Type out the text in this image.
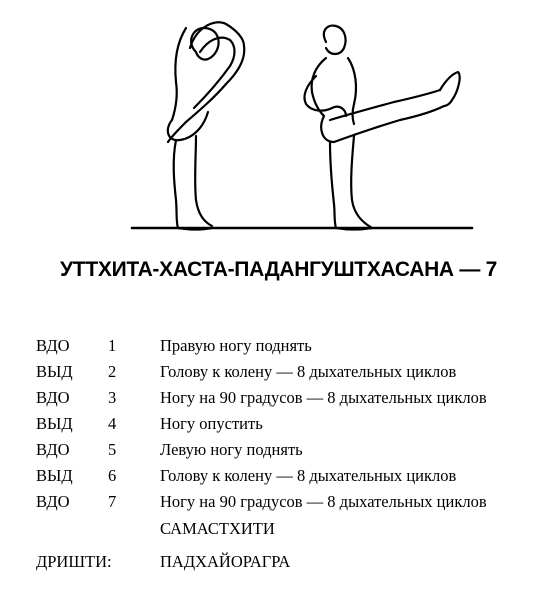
УТТХИТА-ХАСТА-ПАДАНГУШТХАСАНА — 7
ВДО 1	Правую ногу поднять
ВЫД 2	Голову к колену — 8 дыхательных циклов
ВДО 3	Ногу на 90 градусов — 8 дыхательных циклов
ВЫД 4	Ногу опустить
ВДО 5	Левую ногу поднять
ВЫД 6	Голову к колену — 8 дыхательных циклов
ВДО 7	Ногу на 90 градусов — 8 дыхательных циклов
САМАСТХИТИ
ДРИШТИ:	ПАДХАЙОРАГРА
